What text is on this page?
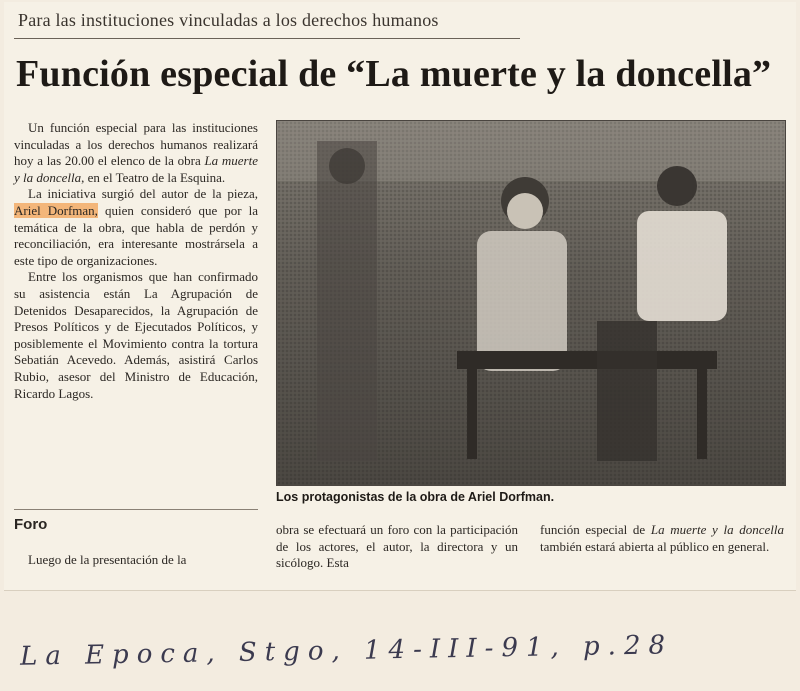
Para las instituciones vinculadas a los derechos humanos
Función especial de “La muerte y la doncella”

Un función especial para las instituciones vinculadas a los derechos humanos realizará hoy a las 20.00 el elenco de la obra La muerte y la doncella, en el Teatro de la Esquina.

La iniciativa surgió del autor de la pieza, Ariel Dorfman, quien consideró que por la temática de la obra, que habla de perdón y reconciliación, era interesante mostrársela a este tipo de organizaciones.

Entre los organismos que han confirmado su asistencia están La Agrupación de Detenidos Desaparecidos, la Agrupación de Presos Políticos y de Ejecutados Políticos, y posiblemente el Movimiento contra la tortura Sebatián Acevedo. Además, asistirá Carlos Rubio, asesor del Ministro de Educación, Ricardo Lagos.

Foro

Luego de la presentación de la

Los protagonistas de la obra de Ariel Dorfman.

obra se efectuará un foro con la participación de los actores, el autor, la directora y un sicólogo. Esta

función especial de La muerte y la doncella también estará abierta al público en general.

La Epoca, Stgo, 14-III-91, p.28
